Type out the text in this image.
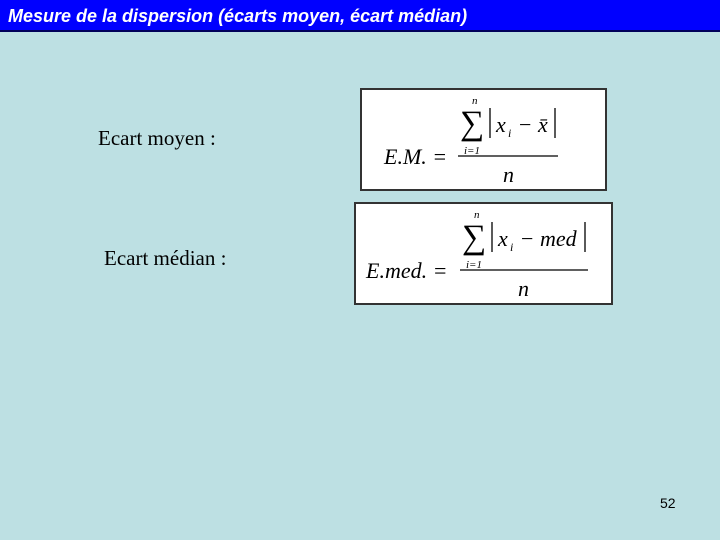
Mesure de la dispersion (écarts moyen, écart médian)
Ecart moyen :
E.M. =
n
∑
i=1
x i − x̄
n
Ecart médian :	E.med. =
n
∑
i=1
x i − med
n
52
